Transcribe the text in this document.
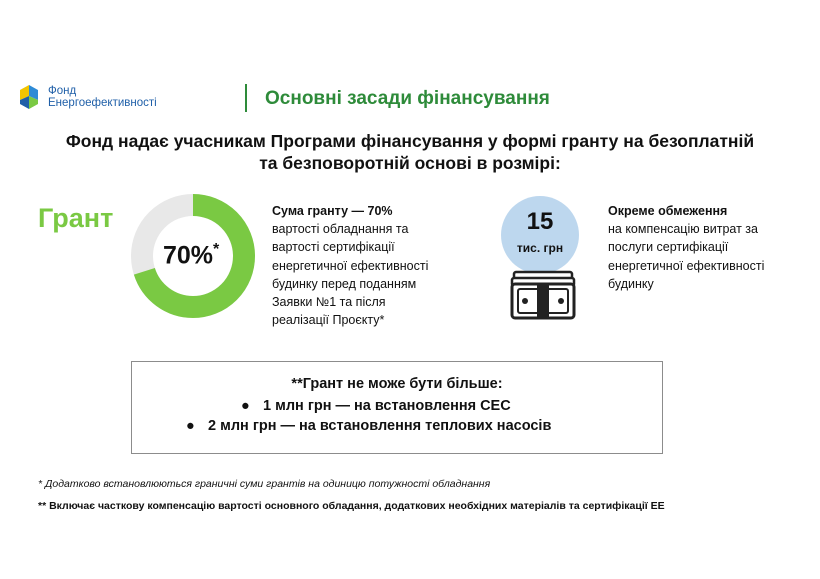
Фонд
Енергоефективності	Основні засади фінансування
Фонд надає учасникам Програми фінансування у формі гранту на безоплатній
та безповоротній основі в розмірі:
Грант
70%*
Сума гранту — 70%
вартості обладнання та
вартості сертифікації
енергетичної ефективності
будинку перед поданням
Заявки №1 та після
реалізації Проєкту*
15
тис. грн
Окреме обмеження
на компенсацію витрат за
послуги сертифікації
енергетичної ефективності
будинку
**Грант не може бути більше:
● 1 млн грн — на встановлення СЕС
● 2 млн грн — на встановлення теплових насосів
* Додатково встановлюються граничні суми грантів на одиницю потужності обладнання
** Включає часткову компенсацію вартості основного обладання, додаткових необхідних матеріалів та сертифікації ЕЕ
